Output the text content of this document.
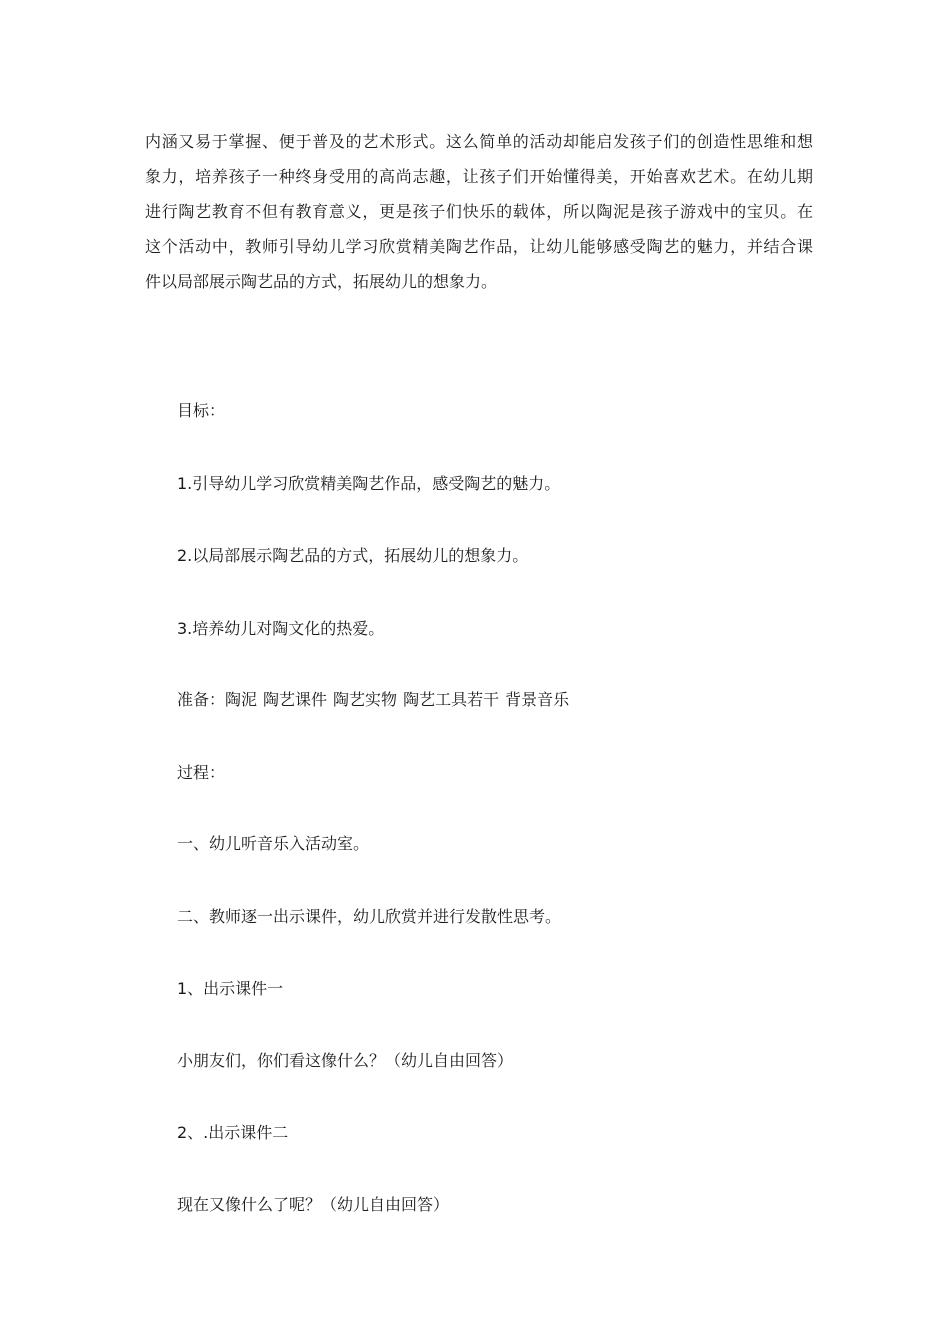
内涵又易于掌握、便于普及的艺术形式。这么简单的活动却能启发孩子们的创造性思维和想
象力，培养孩子一种终身受用的高尚志趣，让孩子们开始懂得美，开始喜欢艺术。在幼儿期
进行陶艺教育不但有教育意义，更是孩子们快乐的载体，所以陶泥是孩子游戏中的宝贝。在
这个活动中，教师引导幼儿学习欣赏精美陶艺作品，让幼儿能够感受陶艺的魅力，并结合课
件以局部展示陶艺品的方式，拓展幼儿的想象力。
目标：
1.引导幼儿学习欣赏精美陶艺作品，感受陶艺的魅力。
2.以局部展示陶艺品的方式，拓展幼儿的想象力。
3.培养幼儿对陶文化的热爱。
准备：陶泥 陶艺课件 陶艺实物 陶艺工具若干 背景音乐
过程：
一、幼儿听音乐入活动室。
二、教师逐一出示课件，幼儿欣赏并进行发散性思考。
1、出示课件一
小朋友们，你们看这像什么？（幼儿自由回答）
2、.出示课件二
现在又像什么了呢？（幼儿自由回答）
